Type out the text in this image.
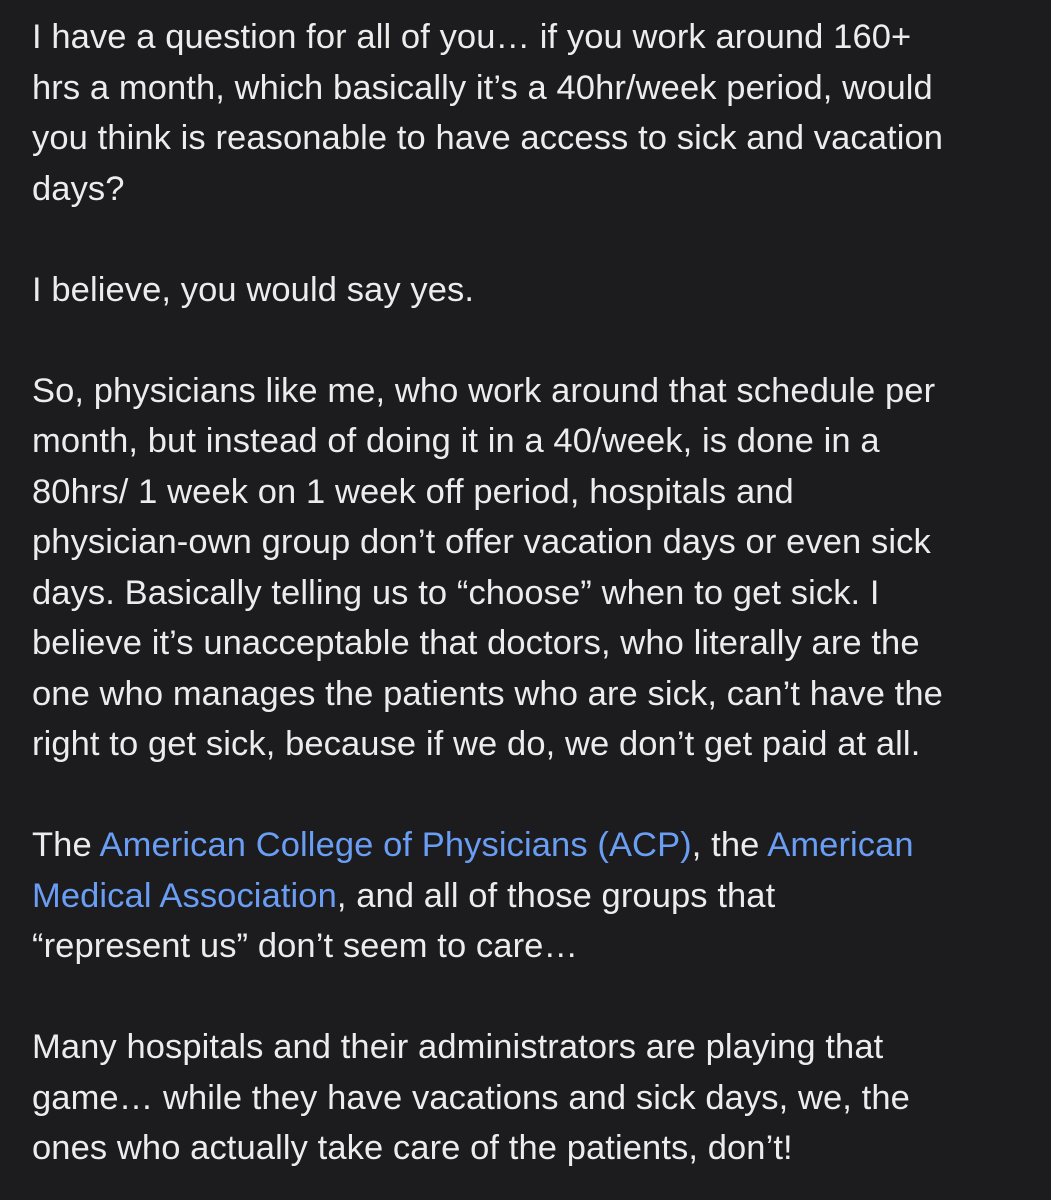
I have a question for all of you… if you work around 160+
hrs a month, which basically it’s a 40hr/week period, would
you think is reasonable to have access to sick and vacation
days?
I believe, you would say yes.
So, physicians like me, who work around that schedule per
month, but instead of doing it in a 40/week, is done in a
80hrs/ 1 week on 1 week off period, hospitals and
physician-own group don’t offer vacation days or even sick
days. Basically telling us to “choose” when to get sick. I
believe it’s unacceptable that doctors, who literally are the
one who manages the patients who are sick, can’t have the
right to get sick, because if we do, we don’t get paid at all.
The American College of Physicians (ACP), the American
Medical Association, and all of those groups that
“represent us” don’t seem to care…
Many hospitals and their administrators are playing that
game… while they have vacations and sick days, we, the
ones who actually take care of the patients, don’t!
